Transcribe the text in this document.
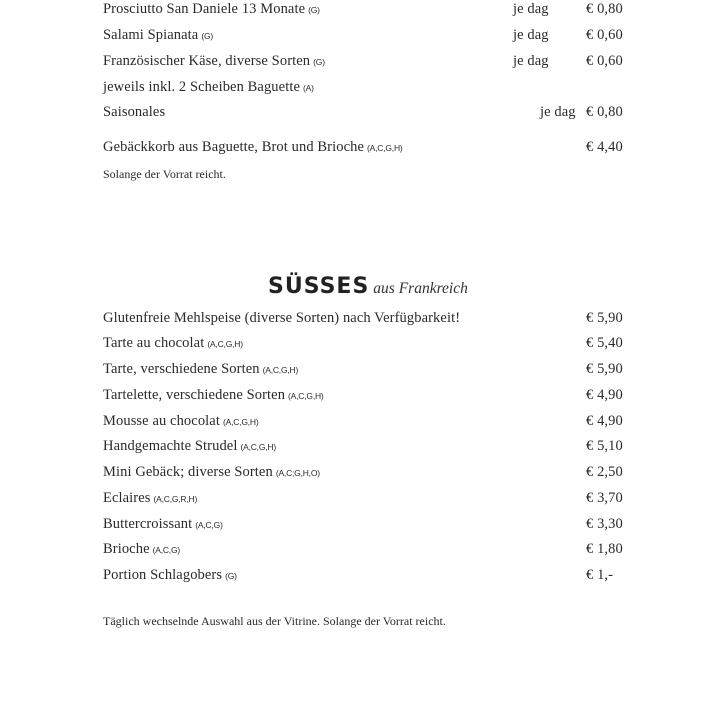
Prosciutto San Daniele 13 Monate (G)	je dag	€ 0,80
Salami Spianata (G)	je dag	€ 0,60
Französischer Käse, diverse Sorten (G)	je dag	€ 0,60
jeweils inkl. 2 Scheiben Baguette (A)
Saisonales	je dag € 0,80
Gebäckkorb aus Baguette, Brot und Brioche (A,C,G,H)	€ 4,40
Solange der Vorrat reicht.
SÜSSES aus Frankreich
Glutenfreie Mehlspeise (diverse Sorten) nach Verfügbarkeit!	€ 5,90
Tarte au chocolat (A,C,G,H)	€ 5,40
Tarte, verschiedene Sorten (A,C,G,H)	€ 5,90
Tartelette, verschiedene Sorten (A,C,G,H)	€ 4,90
Mousse au chocolat (A,C,G,H)	€ 4,90
Handgemachte Strudel (A,C,G,H)	€ 5,10
Mini Gebäck; diverse Sorten (A,C;G,H,O)	€ 2,50
Eclaires (A,C,G,R,H)	€ 3,70
Buttercroissant (A,C,G)	€ 3,30
Brioche (A,C,G)	€ 1,80
Portion Schlagobers (G)	€ 1,-
Täglich wechselnde Auswahl aus der Vitrine. Solange der Vorrat reicht.
